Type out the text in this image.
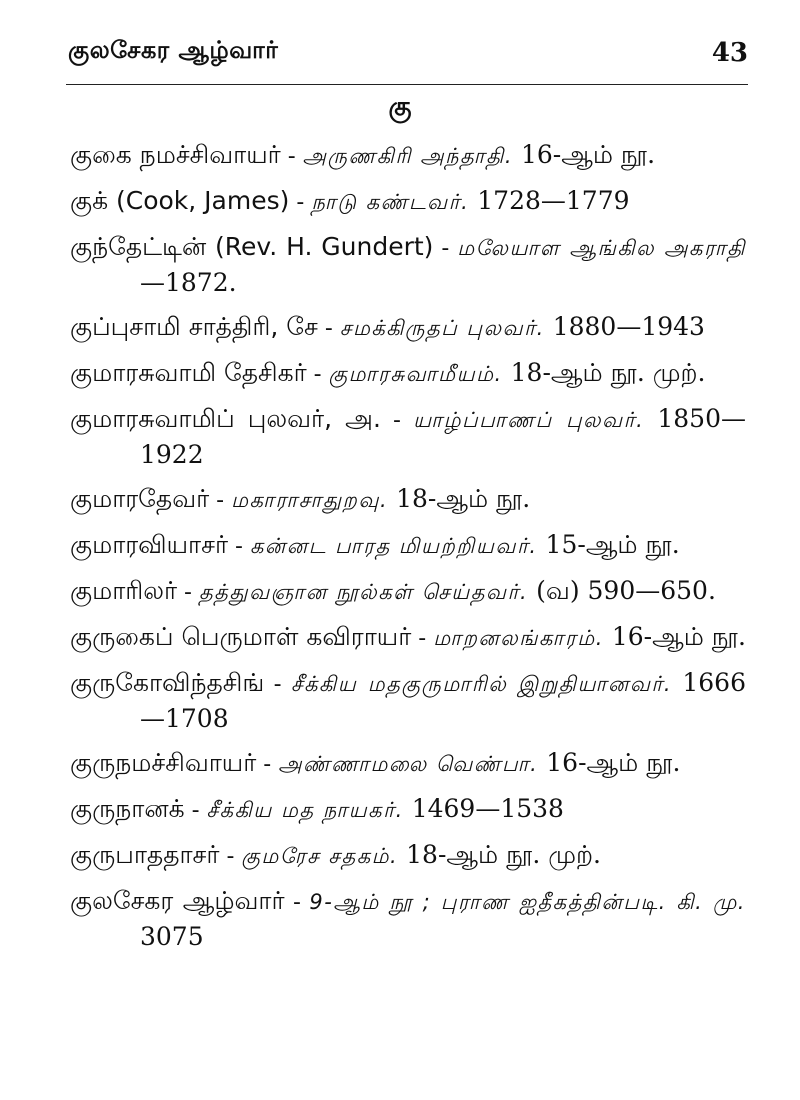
குலசேகர ஆழ்வார்	43
கு

குகை நமச்சிவாயர் - அருணகிரி அந்தாதி. 16-ஆம் நூ.

குக் (Cook, James) - நாடு கண்டவர். 1728—1779

குந்தேட்டின் (Rev. H. Gundert) - மலேயாள ஆங்கில அகராதி—1872.

குப்புசாமி சாத்திரி, சே - சமக்கிருதப் புலவர். 1880—1943

குமாரசுவாமி தேசிகர் - குமாரசுவாமீயம். 18-ஆம் நூ. முற்.

குமாரசுவாமிப் புலவர், அ. - யாழ்ப்பாணப் புலவர். 1850—1922

குமாரதேவர் - மகாராசாதுறவு. 18-ஆம் நூ.

குமாரவியாசர் - கன்னட பாரத மியற்றியவர். 15-ஆம் நூ.

குமாரிலர் - தத்துவஞான நூல்கள் செய்தவர். (வ) 590—650.

குருகைப் பெருமாள் கவிராயர் - மாறனலங்காரம். 16-ஆம் நூ.

குருகோவிந்தசிங் - சீக்கிய மதகுருமாரில் இறுதியானவர். 1666—1708

குருநமச்சிவாயர் - அண்ணாமலை வெண்பா. 16-ஆம் நூ.

குருநானக் - சீக்கிய மத நாயகர். 1469—1538

குருபாததாசர் - குமரேச சதகம். 18-ஆம் நூ. முற்.

குலசேகர ஆழ்வார் - 9-ஆம் நூ ; புராண ஐதீகத்தின்படி. கி. மு. 3075
